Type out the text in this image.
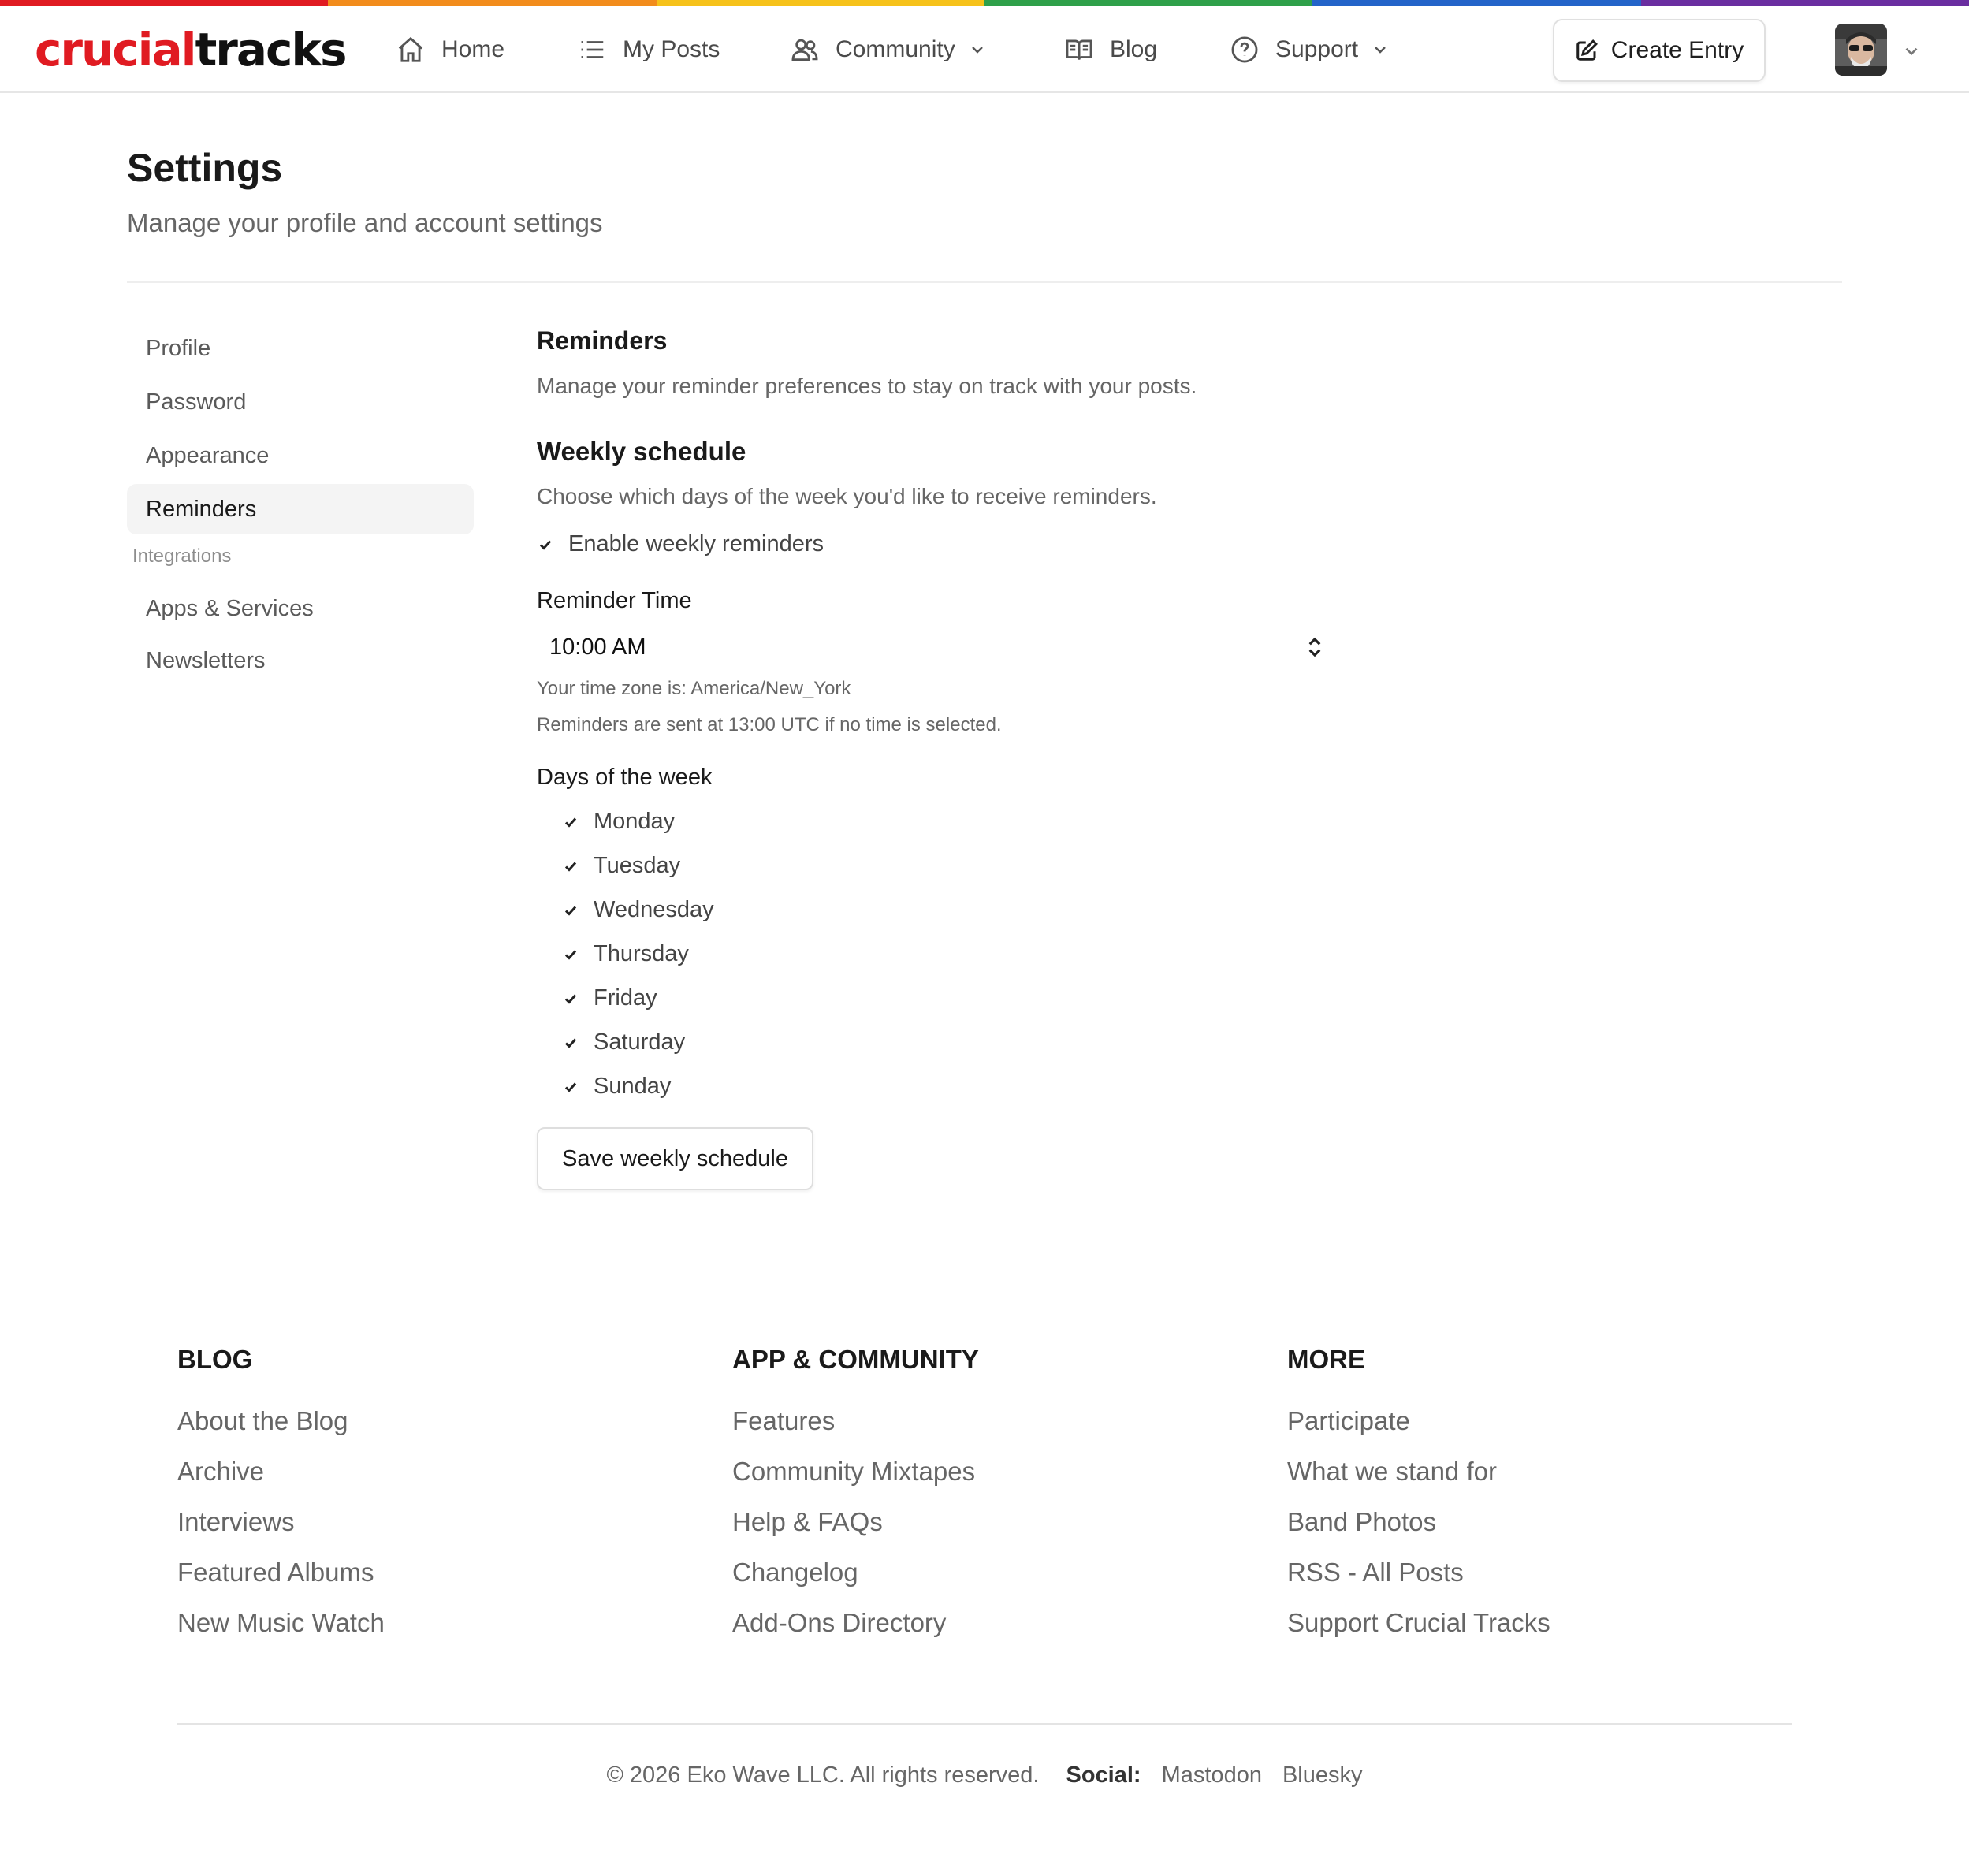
crucialtracks	Home	My Posts	Community	Blog	Support	Create Entry
Settings

Manage your profile and account settings

Profile
Password
Appearance
Reminders
Integrations
Apps & Services
Newsletters
Reminders

Manage your reminder preferences to stay on track with your posts.

Weekly schedule

Choose which days of the week you'd like to receive reminders.

Enable weekly reminders
Reminder Time
10:00 AM
Your time zone is: America/New_York
Reminders are sent at 13:00 UTC if no time is selected.
Days of the week
Monday
Tuesday
Wednesday
Thursday
Friday
Saturday
Sunday
Save weekly schedule
BLOG
About the Blog
Archive
Interviews
Featured Albums
New Music Watch
APP & COMMUNITY
Features
Community Mixtapes
Help & FAQs
Changelog
Add-Ons Directory
MORE
Participate
What we stand for
Band Photos
RSS - All Posts
Support Crucial Tracks
© 2026 Eko Wave LLC. All rights reserved. Social: Mastodon Bluesky
